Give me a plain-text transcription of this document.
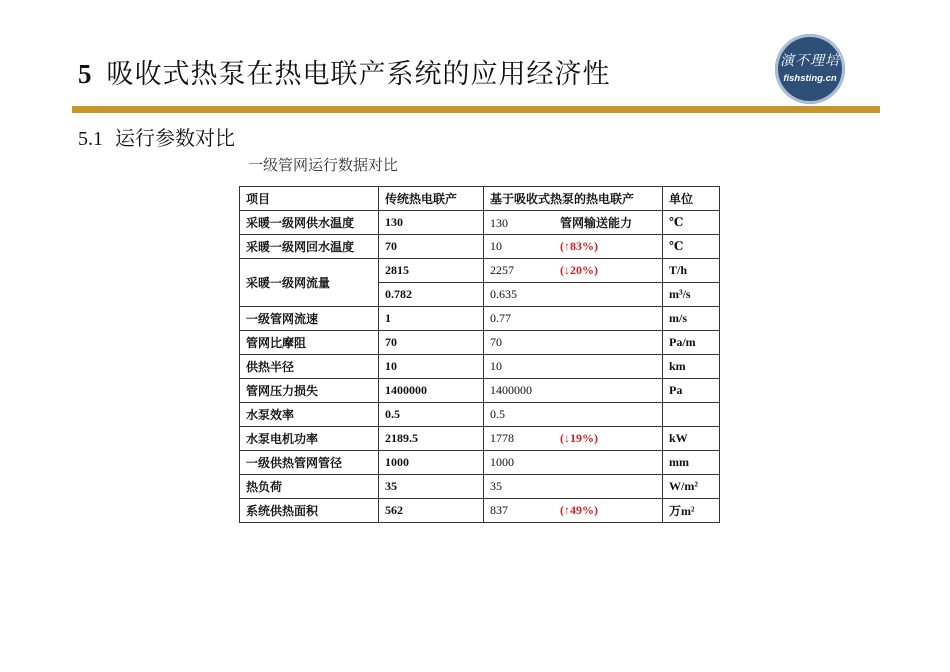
5 吸收式热泵在热电联产系统的应用经济性	演不理培
fishsting.cn
5.1 运行参数对比
一级管网运行数据对比
项目	传统热电联产	基于吸收式热泵的热电联产	单位
采暖一级网供水温度	130	130 管网输送能力	℃
采暖一级网回水温度	70	10 (↑83%)	℃
采暖一级网流量	2815	2257 (↓20%)	T/h
	0.782	0.635	m³/s
一级管网流速	1	0.77	m/s
管网比摩阻	70	70	Pa/m
供热半径	10	10	km
管网压力损失	1400000	1400000	Pa
水泵效率	0.5	0.5	
水泵电机功率	2189.5	1778 (↓19%)	kW
一级供热管网管径	1000	1000	mm
热负荷	35	35	W/m²
系统供热面积	562	837 (↑49%)	万m²
